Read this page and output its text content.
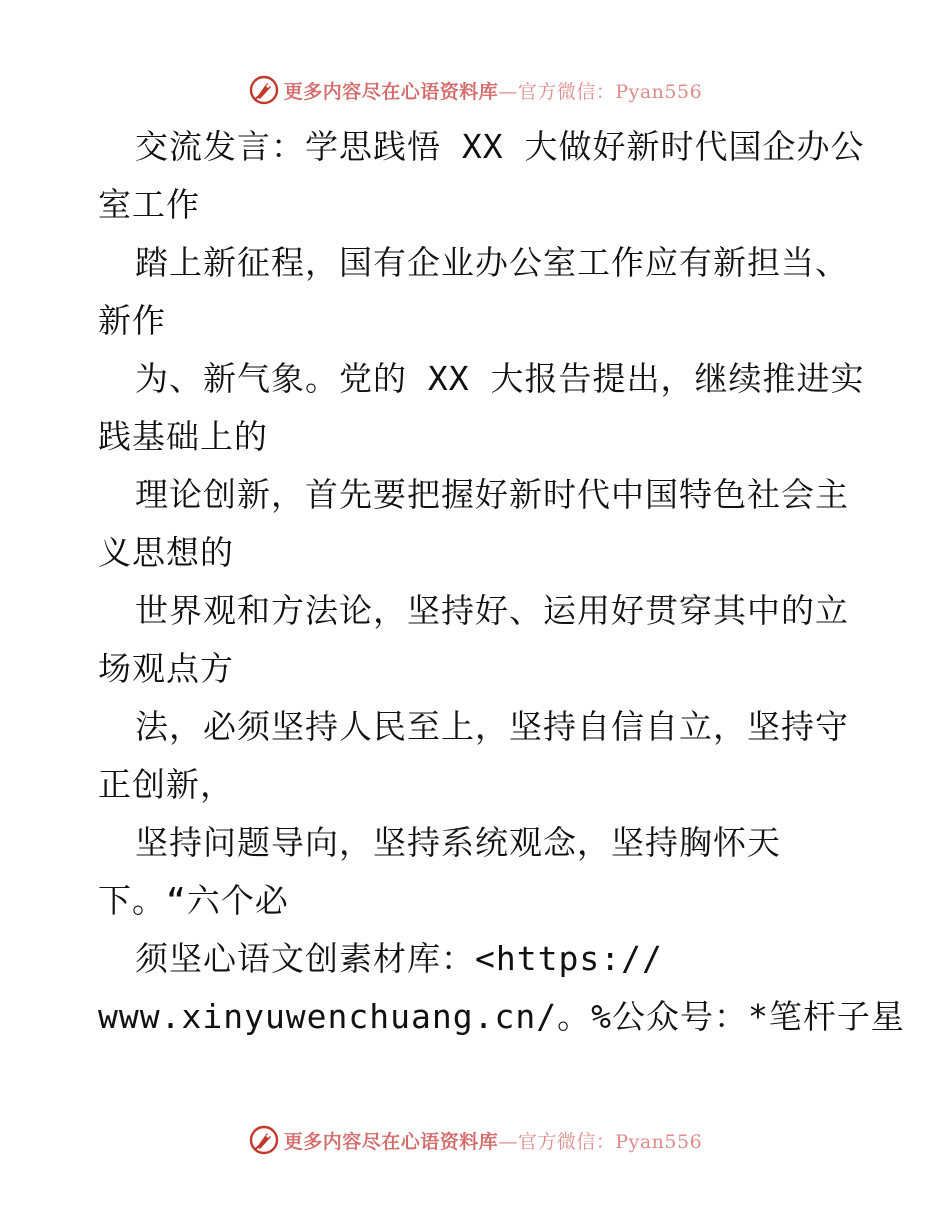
更多内容尽在心语资料库—官方微信：Pyan556
交流发言：学思践悟 XX 大做好新时代国企办公
室工作
踏上新征程，国有企业办公室工作应有新担当、
新作
为、新气象。党的 XX 大报告提出，继续推进实
践基础上的
理论创新，首先要把握好新时代中国特色社会主
义思想的
世界观和方法论，坚持好、运用好贯穿其中的立
场观点方
法，必须坚持人民至上，坚持自信自立，坚持守
正创新，
坚持问题导向，坚持系统观念，坚持胸怀天
下。“六个必
须坚心语文创素材库：<https://
www.xinyuwenchuang.cn/。%公众号：*笔杆子星
更多内容尽在心语资料库—官方微信：Pyan556
